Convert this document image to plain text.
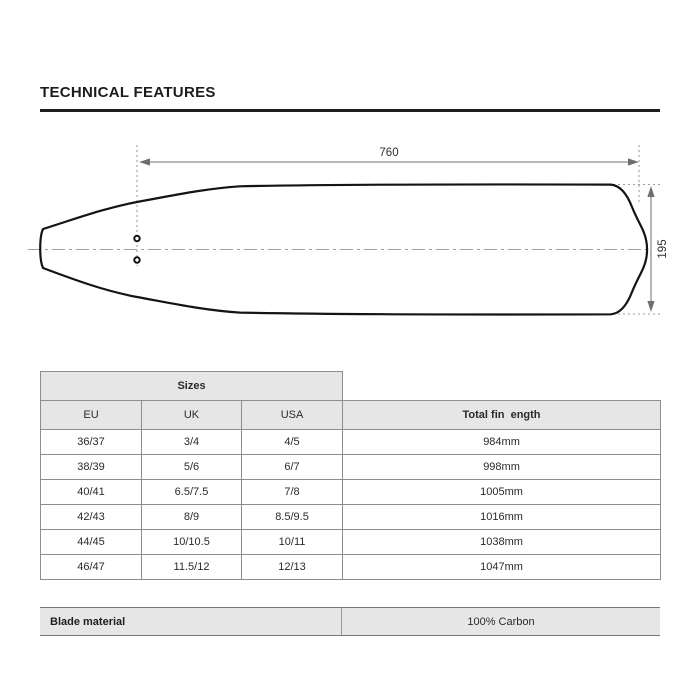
TECHNICAL FEATURES
760
195
Sizes			
EU	UK	USA	Total fin  ength
36/37	3/4	4/5	984mm
38/39	5/6	6/7	998mm
40/41	6.5/7.5	7/8	1005mm
42/43	8/9	8.5/9.5	1016mm
44/45	10/10.5	10/11	1038mm
46/47	11.5/12	12/13	1047mm
Blade material	100% Carbon
